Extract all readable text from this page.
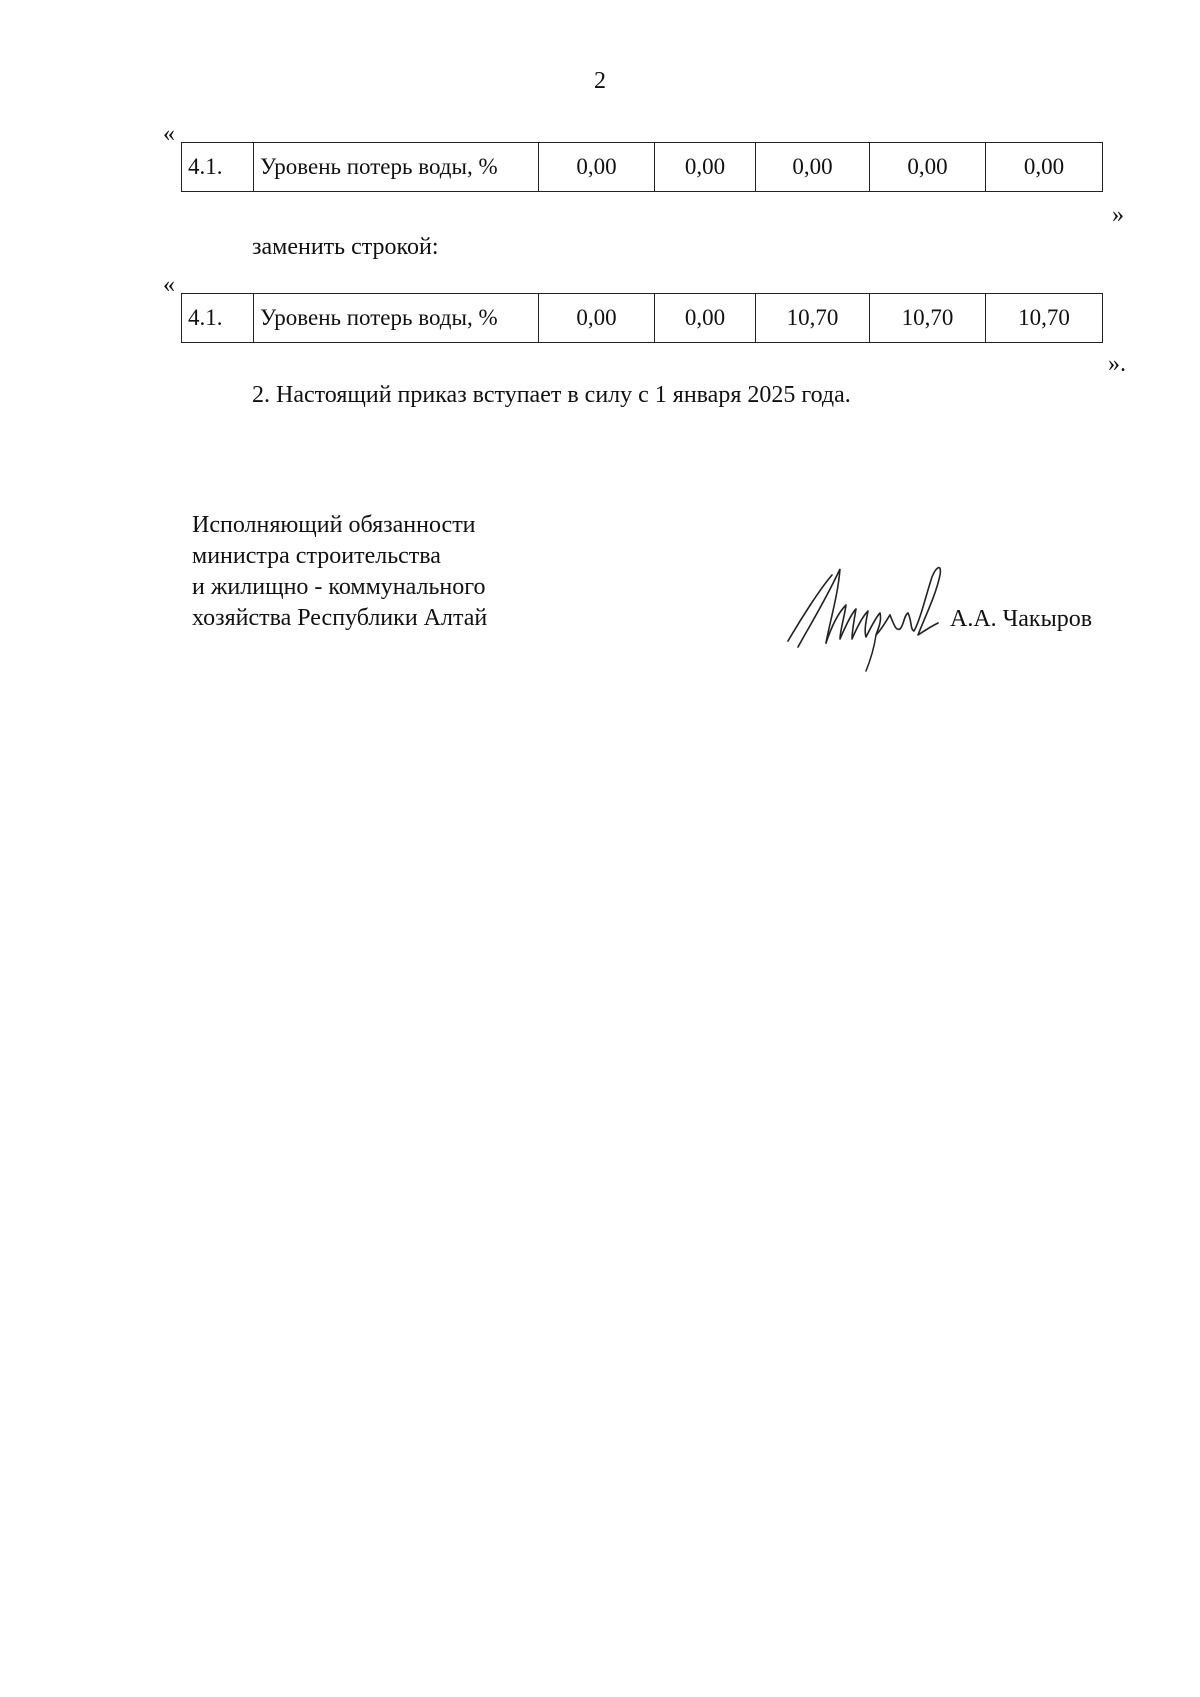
2
«
4.1.	Уровень потерь воды, %	0,00	0,00	0,00	0,00	0,00
»
заменить строкой:
«
4.1.	Уровень потерь воды, %	0,00	0,00	10,70	10,70	10,70
».
2. Настоящий приказ вступает в силу с 1 января 2025 года.
Исполняющий обязанности
министра строительства
и жилищно - коммунального
хозяйства Республики Алтай	А.А. Чакыров
